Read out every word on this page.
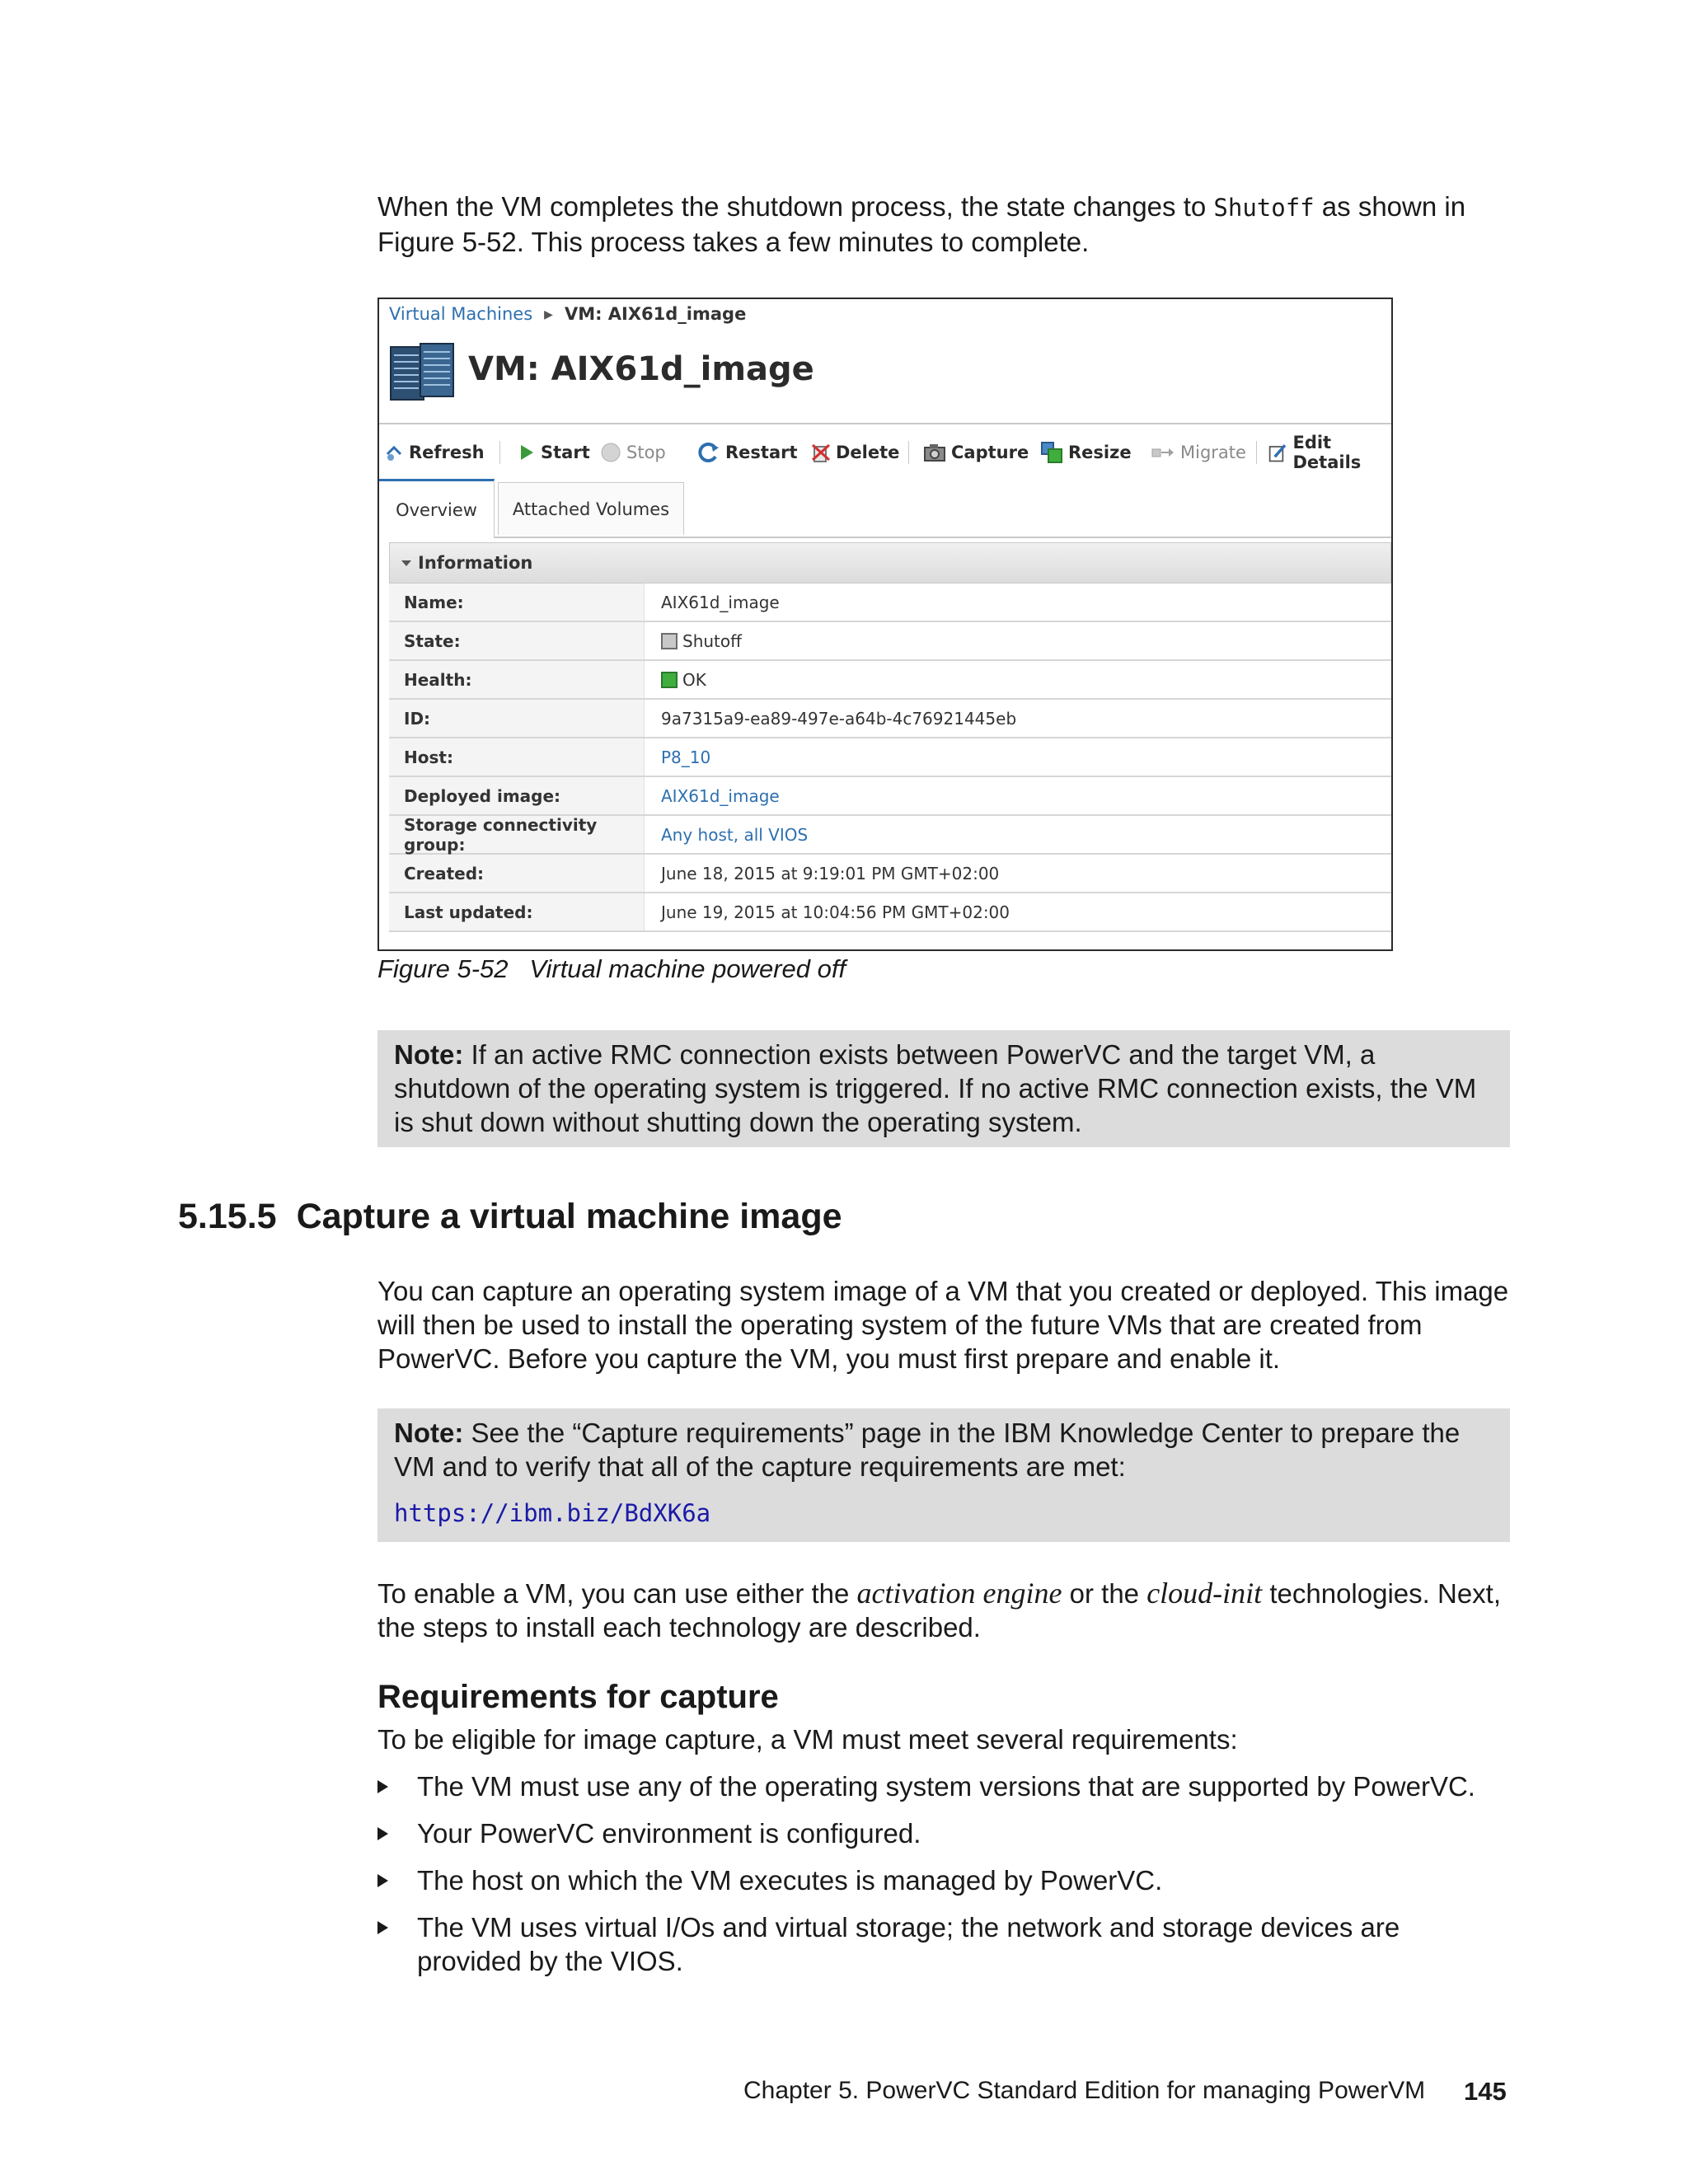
When the VM completes the shutdown process, the state changes to Shutoff as shown in
Figure 5-52. This process takes a few minutes to complete.
Virtual Machines ▶ VM: AIX61d_image
VM: AIX61d_image
Refresh	Start Stop	Restart Delete	Capture Resize	Migrate	Edit Details
Overview	Attached Volumes
Information
Name:	AIX61d_image
State:	Shutoff
Health:	OK
ID:	9a7315a9-ea89-497e-a64b-4c76921445eb
Host:	P8_10
Deployed image:	AIX61d_image
Storage connectivity group:	Any host, all VIOS
Created:	June 18, 2015 at 9:19:01 PM GMT+02:00
Last updated:	June 19, 2015 at 10:04:56 PM GMT+02:00
Figure 5-52   Virtual machine powered off
Note: If an active RMC connection exists between PowerVC and the target VM, a
shutdown of the operating system is triggered. If no active RMC connection exists, the VM
is shut down without shutting down the operating system.
5.15.5 Capture a virtual machine image
You can capture an operating system image of a VM that you created or deployed. This image
will then be used to install the operating system of the future VMs that are created from
PowerVC. Before you capture the VM, you must first prepare and enable it.
Note: See the “Capture requirements” page in the IBM Knowledge Center to prepare the
VM and to verify that all of the capture requirements are met:
https://ibm.biz/BdXK6a
To enable a VM, you can use either the activation engine or the cloud-init technologies. Next,
the steps to install each technology are described.
Requirements for capture
To be eligible for image capture, a VM must meet several requirements:
The VM must use any of the operating system versions that are supported by PowerVC.
Your PowerVC environment is configured.
The host on which the VM executes is managed by PowerVC.
The VM uses virtual I/Os and virtual storage; the network and storage devices are
provided by the VIOS.
Chapter 5. PowerVC Standard Edition for managing PowerVM 145
